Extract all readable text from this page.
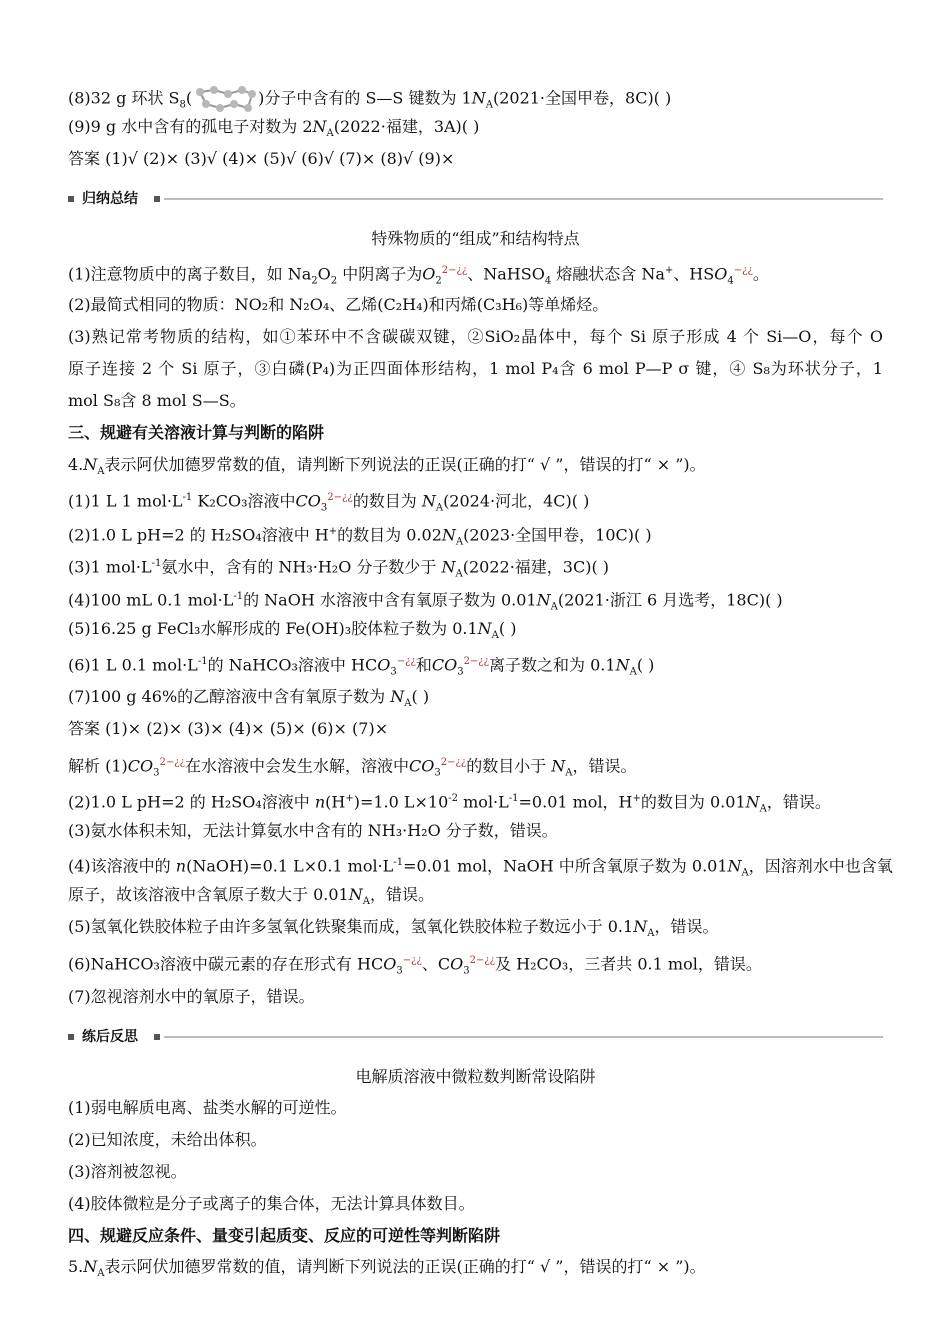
(8)32 g 环状 $S_8$(	)分子中含有的 S—S 键数为 $1N_A(2021\cdot$全国甲卷，8C)( )
(9)9 g 水中含有的孤电子对数为 $2N_A(2022\cdot$福建，3A)( )
答案 (1)√ (2)× (3)√ (4)× (5)√ (6)√ (7)× (8)√ (9)×
归纳总结
特殊物质的“组成”和结构特点
(1)注意物质中的离子数目，如 $Na_2O_2$ 中阴离子为$O_2^{2-¿¿}$、NaHSO$_4$ 熔融状态含 Na+、$HSO_4^{-¿¿}$。
(2)最简式相同的物质：NO₂和 N₂O₄、乙烯(C₂H₄)和丙烯(C₃H₆)等单烯烃。
(3)熟记常考物质的结构，如①苯环中不含碳碳双键，②SiO₂晶体中，每个 Si 原子形成 4 个 Si—O，每个 O
原子连接 2 个 Si 原子，③白磷(P₄)为正四面体形结构，1 mol P₄含 6 mol P—P σ 键，④ S₈为环状分子，1
mol S₈含 8 mol S—S。
三、规避有关溶液计算与判断的陷阱
$4.N_A$表示阿伏加德罗常数的值，请判断下列说法的正误(正确的打“ √ ”，错误的打“ × ”)。
(1)1 L 1 $mol\cdot L^{-1}$ K₂CO₃溶液中$CO_3^{2-¿¿}$的数目为 $N_A(2024\cdot$河北，4C)( )
(2)1.0 L pH=2 的 H₂SO₄溶液中 H+的数目为 $0.02N_A(2023\cdot$全国甲卷，10C)( )
(3)1 $mol\cdot L^{-1}$氨水中，含有的 NH₃·H₂O 分子数少于 $N_A(2022\cdot$福建，3C)( )
(4)100 mL 0.1 $mol\cdot L^{-1}$的 NaOH 水溶液中含有氧原子数为 $0.01N_A(2021\cdot$浙江 6 月选考，18C)( )
(5)16.25 g FeCl₃水解形成的 Fe(OH)₃胶体粒子数为 $0.1N_A$( )
(6)1 L 0.1 $mol\cdot L^{-1}$的 NaHCO₃溶液中 $HCO_3^{-¿¿}$和$CO_3^{2-¿¿}$离子数之和为 $0.1N_A$( )
(7)100 g 46%的乙醇溶液中含有氧原子数为 $N_A$( )
答案 (1)× (2)× (3)× (4)× (5)× (6)× (7)×
解析 $(1)CO_3^{2-¿¿}$在水溶液中会发生水解，溶液中$CO_3^{2-¿¿}$的数目小于 $N_A$，错误。
(2)1.0 L pH=2 的 H₂SO₄溶液中 n(H+)=1.0 $L\times 10^{-2}$ $mol\cdot L^{-1}=0.01$ mol，H+的数目为 $0.01N_A$，错误。
(3)氨水体积未知，无法计算氨水中含有的 NH₃·H₂O 分子数，错误。
(4)该溶液中的 n(NaOH)=0.1 L×0.1 $mol\cdot L^{-1}=0.01$ mol，NaOH 中所含氧原子数为 $0.01N_A$，因溶剂水中也含氧
原子，故该溶液中含氧原子数大于 $0.01N_A$，错误。
(5)氢氧化铁胶体粒子由许多氢氧化铁聚集而成，氢氧化铁胶体粒子数远小于 $0.1N_A$，错误。
(6)NaHCO₃溶液中碳元素的存在形式有 $HCO_3^{-¿¿}$、$CO_3^{2-¿¿}$及 H₂CO₃，三者共 0.1 mol，错误。
(7)忽视溶剂水中的氧原子，错误。
练后反思
电解质溶液中微粒数判断常设陷阱
(1)弱电解质电离、盐类水解的可逆性。
(2)已知浓度，未给出体积。
(3)溶剂被忽视。
(4)胶体微粒是分子或离子的集合体，无法计算具体数目。
四、规避反应条件、量变引起质变、反应的可逆性等判断陷阱
$5.N_A$表示阿伏加德罗常数的值，请判断下列说法的正误(正确的打“ √ ”，错误的打“ × ”)。
